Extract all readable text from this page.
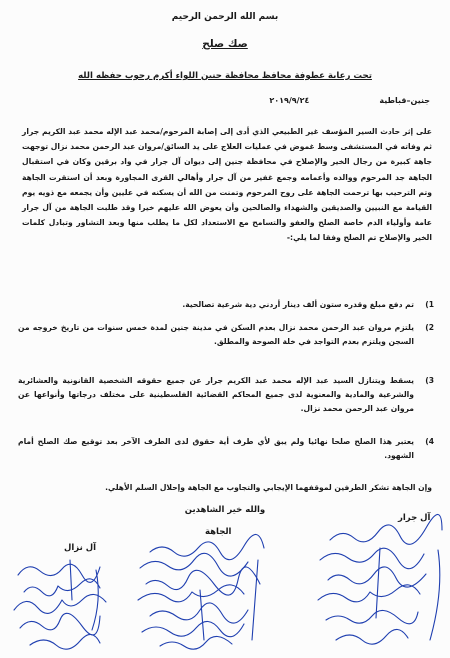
بسم الله الرحمن الرحيم
صك صلح
تحت رعاية عطوفة محافظ محافظة جنين اللواء أكرم رجوب حفظه الله
جنين–قباطية٢٠١٩/٩/٢٤
على إثر حادث السير المؤسف غير الطبيعي الذي أدى إلى إصابة المرحوم/محمد عبد الإله محمد عبد الكريم جرار ثم وفاته في المستشفى وسط غموض في عمليات العلاج على يد السائق/مروان عبد الرحمن محمد نزال توجهت جاهة كبيرة من رجال الخير والإصلاح في محافظة جنين إلى ديوان آل جرار في واد برقين وكان في استقبال الجاهة جد المرحوم ووالده وأعمامه وجمع غفير من آل جرار وأهالي القرى المجاورة وبعد أن استقرت الجاهة وتم الترحيب بها ترحمت الجاهة على روح المرحوم وتمنت من الله أن يسكنه في عليين وأن يجمعه مع ذويه يوم القيامة مع النبيين والصديقين والشهداء والصالحين وأن يعوض الله عليهم خيرا وقد طلبت الجاهة من آل جرار عامة وأولياء الدم خاصة الصلح والعفو والتسامح مع الاستعداد لكل ما يطلب منها وبعد التشاور وتبادل كلمات الخير والإصلاح تم الصلح وفقا لما يلي:-
1)
تم دفع مبلغ وقدره ستون ألف دينار أردني دية شرعية تصالحية.
2)
يلتزم مروان عبد الرحمن محمد نزال بعدم السكن في مدينة جنين لمدة خمس سنوات من تاريخ خروجه من السجن ويلتزم بعدم التواجد في خلة الصوحة والمطلق.
3)
يسقط ويتنازل السيد عبد الإله محمد عبد الكريم جرار عن جميع حقوقه الشخصية القانونية والعشائرية والشرعية والمادية والمعنوية لدى جميع المحاكم القضائية الفلسطينية على مختلف درجاتها وأنواعها عن مروان عبد الرحمن محمد نزال.
4)
يعتبر هذا الصلح صلحا نهائيا ولم يبق لأي طرف أية حقوق لدى الطرف الآخر بعد توقيع صك الصلح أمام الشهود.
وإن الجاهة تشكر الطرفين لموقفهما الإيجابي والتجاوب مع الجاهة وإحلال السلم الأهلي.
والله خير الشاهدين
آل نزال
الجاهة
آل جرار
